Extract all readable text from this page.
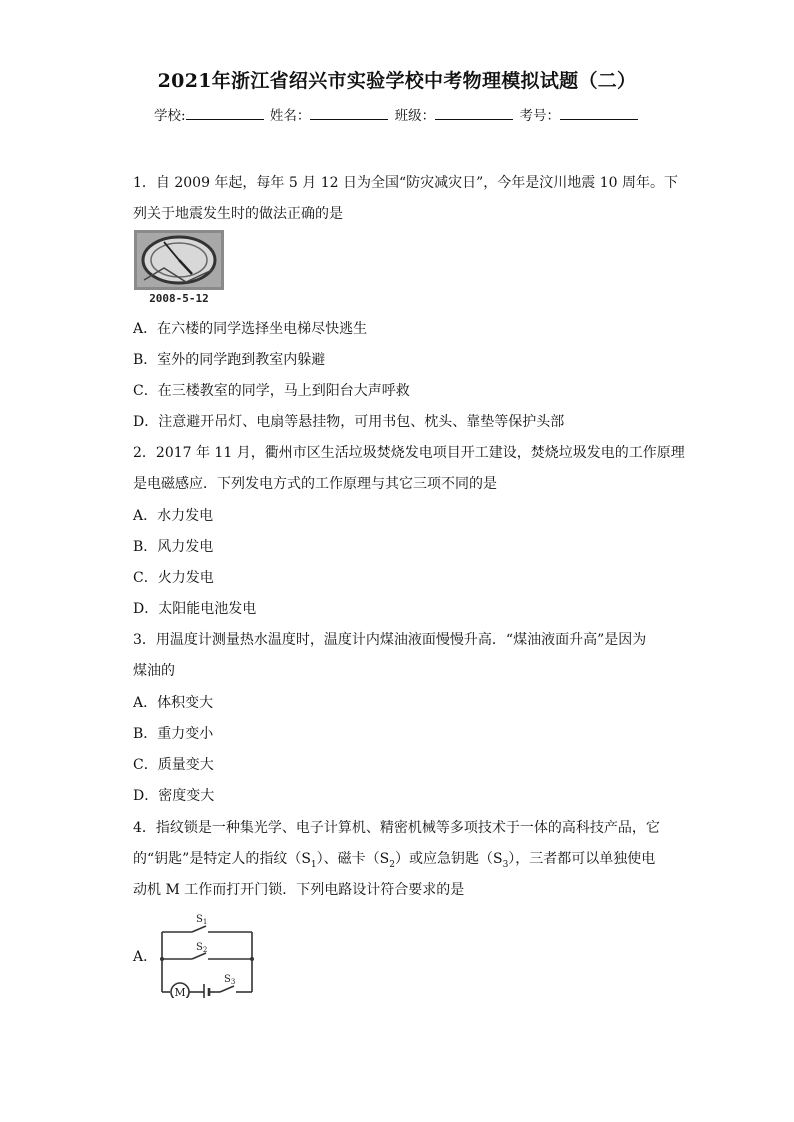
2021年浙江省绍兴市实验学校中考物理模拟试题（二）
学校:	姓名：	班级：	考号：
1．自 2009 年起，每年 5 月 12 日为全国“防灾减灾日”，今年是汶川地震 10 周年。下
列关于地震发生时的做法正确的是
2008-5-12
A．在六楼的同学选择坐电梯尽快逃生
B．室外的同学跑到教室内躲避
C．在三楼教室的同学，马上到阳台大声呼救
D．注意避开吊灯、电扇等悬挂物，可用书包、枕头、靠垫等保护头部
2．2017 年 11 月，衢州市区生活垃圾焚烧发电项目开工建设，焚烧垃圾发电的工作原理
是电磁感应．下列发电方式的工作原理与其它三项不同的是
A．水力发电
B．风力发电
C．火力发电
D．太阳能电池发电
3．用温度计测量热水温度时，温度计内煤油液面慢慢升高．“煤油液面升高”是因为
煤油的
A．体积变大
B．重力变小
C．质量变大
D．密度变大
4．指纹锁是一种集光学、电子计算机、精密机械等多项技术于一体的高科技产品，它
的“钥匙”是特定人的指纹$(S_1)$、磁卡$(S_2)$或应急钥匙$(S_3)$，三者都可以单独使电
动机 M 工作而打开门锁．下列电路设计符合要求的是
A．
$S_1$
$S_2$
$S_3$
M
